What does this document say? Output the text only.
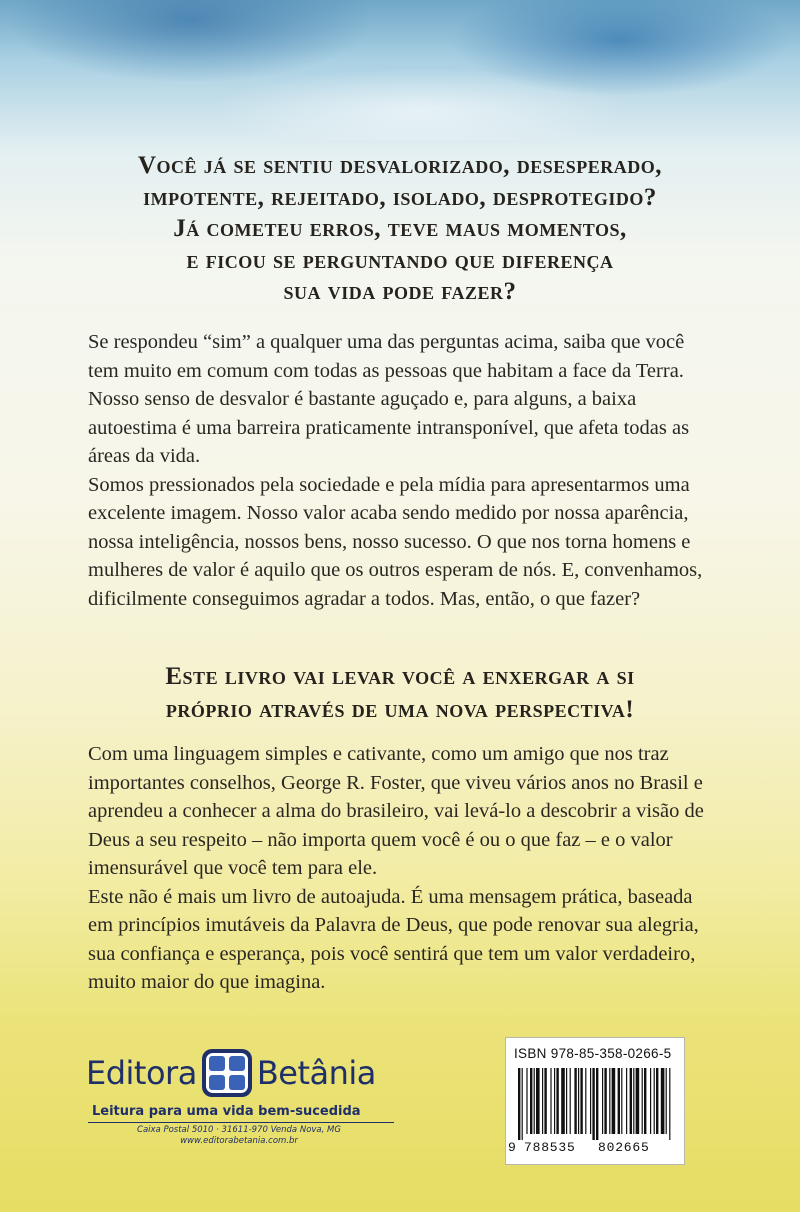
Você já se sentiu desvalorizado, desesperado,
impotente, rejeitado, isolado, desprotegido?
Já cometeu erros, teve maus momentos,
e ficou se perguntando que diferença
sua vida pode fazer?

Se respondeu “sim” a qualquer uma das perguntas acima, saiba que você tem muito em comum com todas as pessoas que habitam a face da Terra. Nosso senso de desvalor é bastante aguçado e, para alguns, a baixa autoestima é uma barreira praticamente intransponível, que afeta todas as áreas da vida.

Somos pressionados pela sociedade e pela mídia para apresentarmos uma excelente imagem. Nosso valor acaba sendo medido por nossa aparência, nossa inteligência, nossos bens, nosso sucesso. O que nos torna homens e mulheres de valor é aquilo que os outros esperam de nós. E, convenhamos, dificilmente conseguimos agradar a todos. Mas, então, o que fazer?

Este livro vai levar você a enxergar a si
próprio através de uma nova perspectiva!

Com uma linguagem simples e cativante, como um amigo que nos traz importantes conselhos, George R. Foster, que viveu vários anos no Brasil e aprendeu a conhecer a alma do brasileiro, vai levá-lo a descobrir a visão de Deus a seu respeito – não importa quem você é ou o que faz – e o valor imensurável que você tem para ele.

Este não é mais um livro de autoajuda. É uma mensagem prática, baseada em princípios imutáveis da Palavra de Deus, que pode renovar sua alegria, sua confiança e esperança, pois você sentirá que tem um valor verdadeiro, muito maior do que imagina.

Editora Betânia
Leitura para uma vida bem-sucedida
Caixa Postal 5010 · 31611-970 Venda Nova, MG
www.editorabetania.com.br
ISBN 978-85-358-0266-5
9 788535 802665
